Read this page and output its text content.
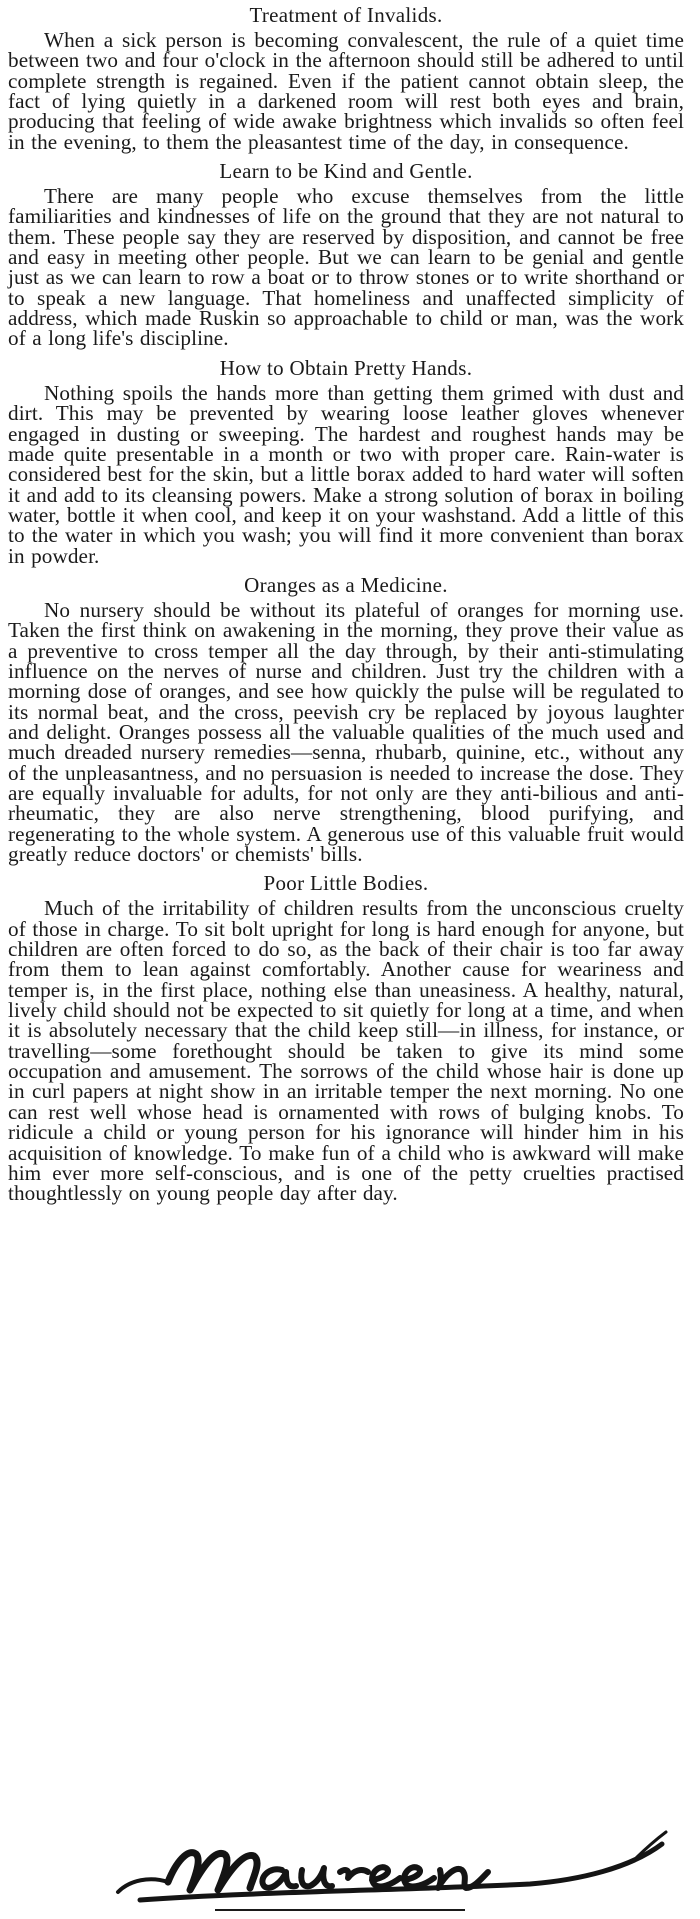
Treatment of Invalids.

When a sick person is becoming convalescent, the rule of a quiet time between two and four o'clock in the afternoon should still be adhered to until complete strength is regained. Even if the patient cannot obtain sleep, the fact of lying quietly in a darkened room will rest both eyes and brain, producing that feeling of wide awake brightness which invalids so often feel in the evening, to them the pleasantest time of the day, in consequence.

Learn to be Kind and Gentle.

There are many people who excuse themselves from the little familiarities and kindnesses of life on the ground that they are not natural to them. These people say they are reserved by disposition, and cannot be free and easy in meeting other people. But we can learn to be genial and gentle just as we can learn to row a boat or to throw stones or to write shorthand or to speak a new language. That homeliness and unaffected simplicity of address, which made Ruskin so approachable to child or man, was the work of a long life's discipline.

How to Obtain Pretty Hands.

Nothing spoils the hands more than getting them grimed with dust and dirt. This may be prevented by wearing loose leather gloves whenever engaged in dusting or sweeping. The hardest and roughest hands may be made quite presentable in a month or two with proper care. Rain-water is considered best for the skin, but a little borax added to hard water will soften it and add to its cleansing powers. Make a strong solution of borax in boiling water, bottle it when cool, and keep it on your washstand. Add a little of this to the water in which you wash; you will find it more convenient than borax in powder.

Oranges as a Medicine.

No nursery should be without its plateful of oranges for morning use. Taken the first think on awakening in the morning, they prove their value as a preventive to cross temper all the day through, by their anti-stimulating influence on the nerves of nurse and children. Just try the children with a morning dose of oranges, and see how quickly the pulse will be regulated to its normal beat, and the cross, peevish cry be replaced by joyous laughter and delight. Oranges possess all the valuable qualities of the much used and much dreaded nursery remedies—senna, rhubarb, quinine, etc., without any of the unpleasantness, and no persuasion is needed to increase the dose. They are equally invaluable for adults, for not only are they anti-bilious and anti-rheumatic, they are also nerve strengthening, blood purifying, and regenerating to the whole system. A generous use of this valuable fruit would greatly reduce doctors' or chemists' bills.

Poor Little Bodies.

Much of the irritability of children results from the unconscious cruelty of those in charge. To sit bolt upright for long is hard enough for anyone, but children are often forced to do so, as the back of their chair is too far away from them to lean against comfortably. Another cause for weariness and temper is, in the first place, nothing else than uneasiness. A healthy, natural, lively child should not be expected to sit quietly for long at a time, and when it is absolutely necessary that the child keep still—in illness, for instance, or travelling—some forethought should be taken to give its mind some occupation and amusement. The sorrows of the child whose hair is done up in curl papers at night show in an irritable temper the next morning. No one can rest well whose head is ornamented with rows of bulging knobs. To ridicule a child or young person for his ignorance will hinder him in his acquisition of knowledge. To make fun of a child who is awkward will make him ever more self-conscious, and is one of the petty cruelties practised thoughtlessly on young people day after day.
